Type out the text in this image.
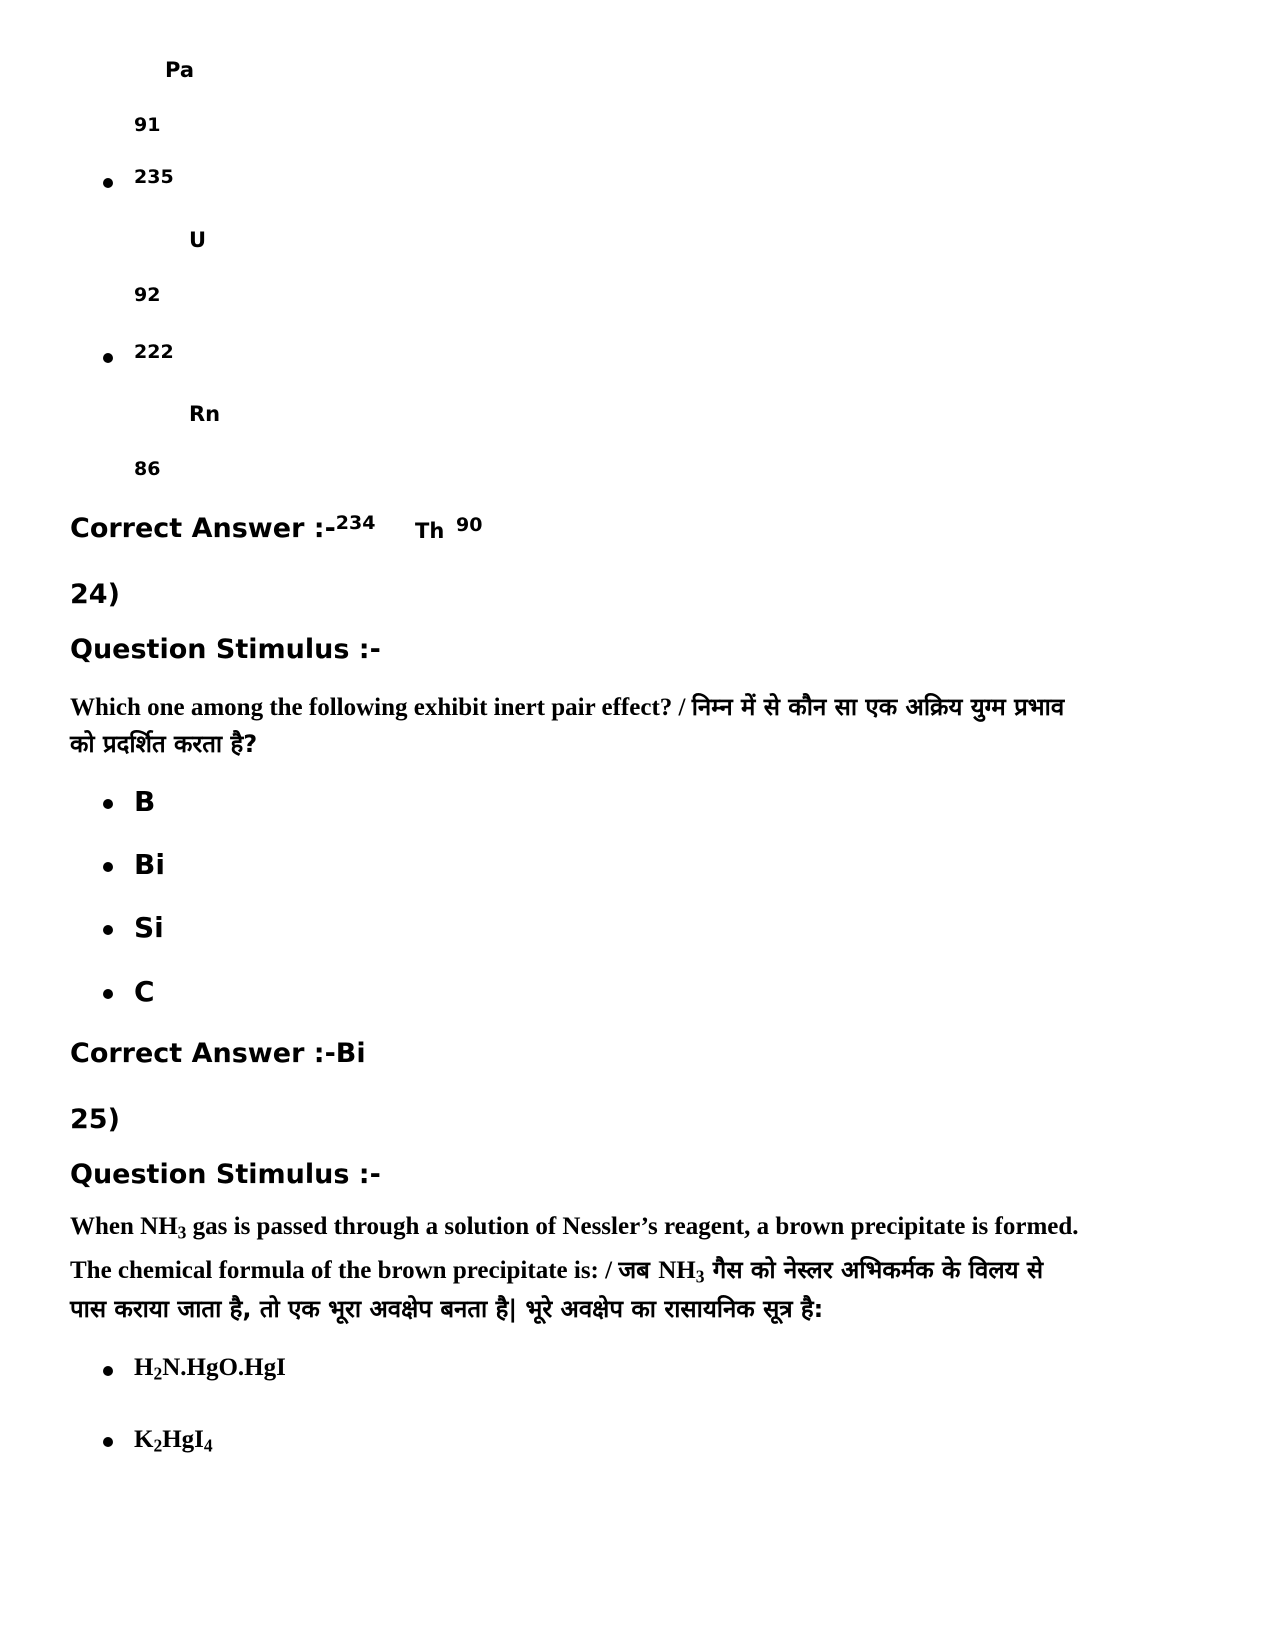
Pa
91
235
U
92
222
Rn
86
Correct Answer :-$^{234}$ Th 90
24)
Question Stimulus :-
Which one among the following exhibit inert pair effect? / निम्न में से कौन सा एक अक्रिय युग्म प्रभाव
को प्रदर्शित करता है?
B
Bi
Si
C
Correct Answer :-Bi
25)
Question Stimulus :-
When $NH_3$ gas is passed through a solution of Nessler’s reagent, a brown precipitate is formed.
The chemical formula of the brown precipitate is: / जब $NH_3$ गैस को नेस्लर अभिकर्मक के विलय से
पास कराया जाता है, तो एक भूरा अवक्षेप बनता है| भूरे अवक्षेप का रासायनिक सूत्र है:
$H_2N.HgO.HgI$
$K_2HgI_4$
